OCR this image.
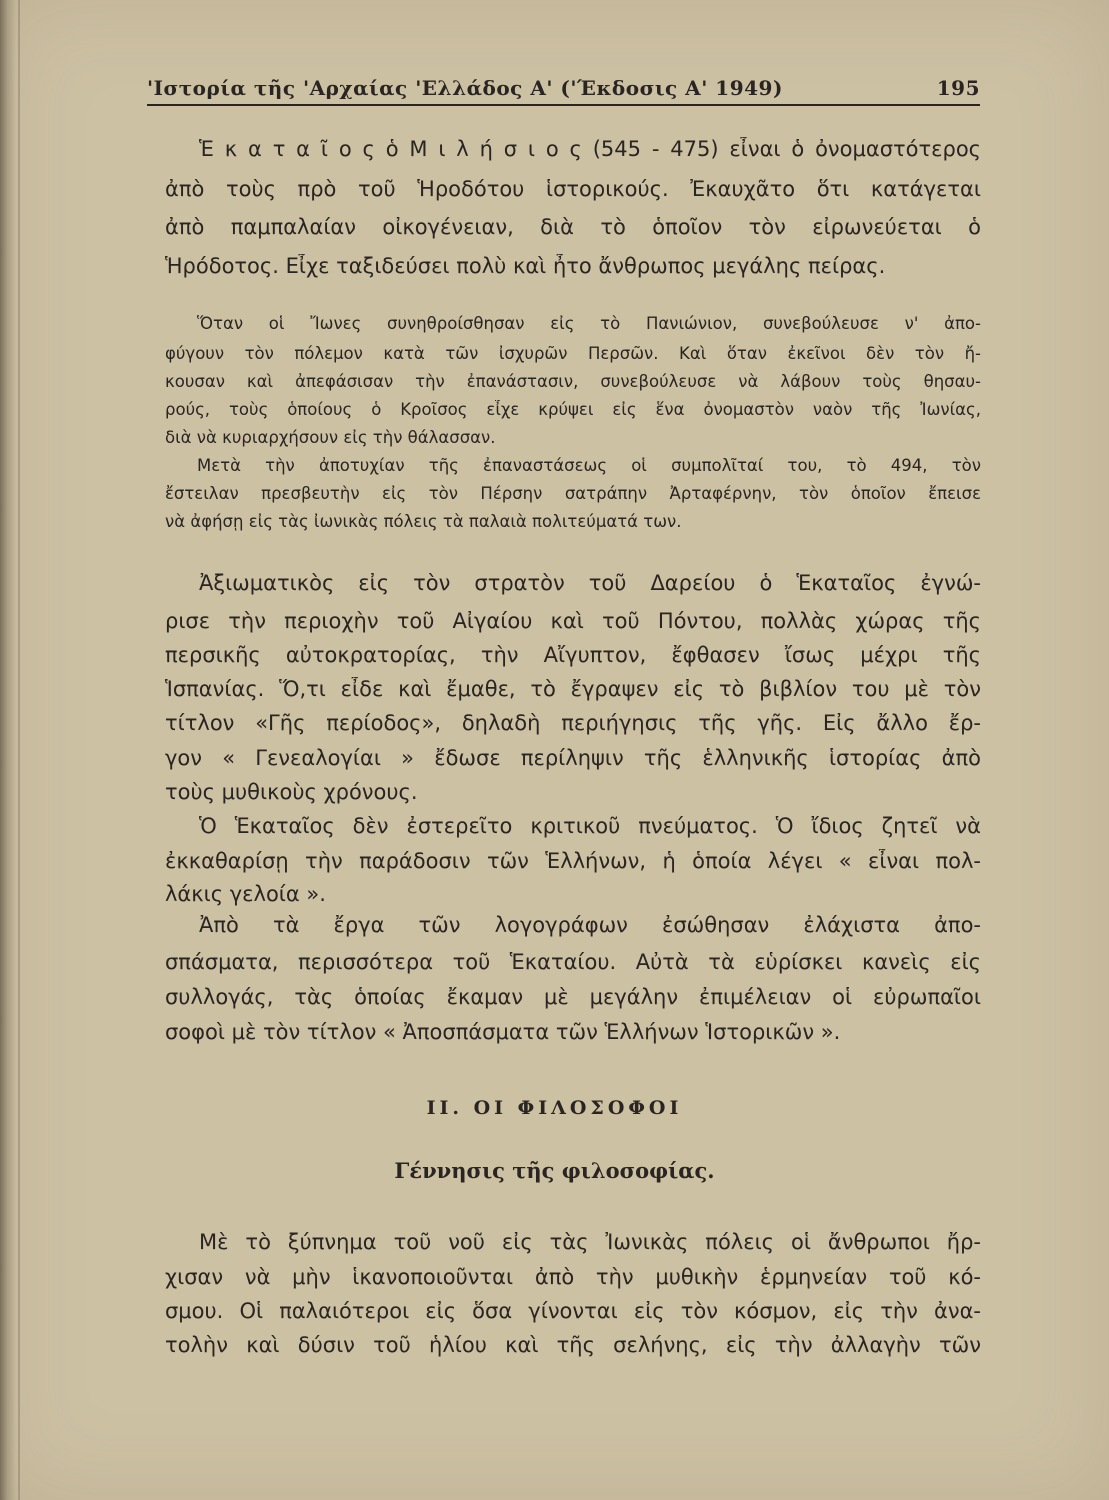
'Ιστορία τῆς 'Αρχαίας 'Ελλάδος Α' ('Έκδοσις Α' 1949)	195
Ἑ κ α τ α ῖ ο ς ὁ Μ ι λ ή σ ι ο ς (545 - 475) εἶναι ὁ ὀνομαστότερος
ἀπὸ τοὺς πρὸ τοῦ Ἡροδότου ἱστορικούς. Ἐκαυχᾶτο ὅτι κατάγεται
ἀπὸ παμπαλαίαν οἰκογένειαν, διὰ τὸ ὁποῖον τὸν εἰρωνεύεται ὁ
Ἡρόδοτος. Εἶχε ταξιδεύσει πολὺ καὶ ἦτο ἄνθρωπος μεγάλης πείρας.
Ὅταν οἱ Ἴωνες συνηθροίσθησαν εἰς τὸ Πανιώνιον, συνεβούλευσε ν' ἀπο-
φύγουν τὸν πόλεμον κατὰ τῶν ἰσχυρῶν Περσῶν. Καὶ ὅταν ἐκεῖνοι δὲν τὸν ἤ-
κουσαν καὶ ἀπεφάσισαν τὴν ἐπανάστασιν, συνεβούλευσε νὰ λάβουν τοὺς θησαυ-
ρούς, τοὺς ὁποίους ὁ Κροῖσος εἶχε κρύψει εἰς ἕνα ὀνομαστὸν ναὸν τῆς Ἰωνίας,
διὰ νὰ κυριαρχήσουν εἰς τὴν θάλασσαν.
Μετὰ τὴν ἀποτυχίαν τῆς ἐπαναστάσεως οἱ συμπολῖταί του, τὸ 494, τὸν
ἔστειλαν πρεσβευτὴν εἰς τὸν Πέρσην σατράπην Ἀρταφέρνην, τὸν ὁποῖον ἔπεισε
νὰ ἀφήσῃ εἰς τὰς ἰωνικὰς πόλεις τὰ παλαιὰ πολιτεύματά των.
Ἀξιωματικὸς εἰς τὸν στρατὸν τοῦ Δαρείου ὁ Ἑκαταῖος ἐγνώ-
ρισε τὴν περιοχὴν τοῦ Αἰγαίου καὶ τοῦ Πόντου, πολλὰς χώρας τῆς
περσικῆς αὐτοκρατορίας, τὴν Αἴγυπτον, ἔφθασεν ἴσως μέχρι τῆς
Ἱσπανίας. Ὅ,τι εἶδε καὶ ἔμαθε, τὸ ἔγραψεν εἰς τὸ βιβλίον του μὲ τὸν
τίτλον «Γῆς περίοδος», δηλαδὴ περιήγησις τῆς γῆς. Εἰς ἄλλο ἔρ-
γον « Γενεαλογίαι » ἔδωσε περίληψιν τῆς ἑλληνικῆς ἱστορίας ἀπὸ
τοὺς μυθικοὺς χρόνους.
Ὁ Ἑκαταῖος δὲν ἐστερεῖτο κριτικοῦ πνεύματος. Ὁ ἴδιος ζητεῖ νὰ
ἐκκαθαρίσῃ τὴν παράδοσιν τῶν Ἑλλήνων, ἡ ὁποία λέγει « εἶναι πολ-
λάκις γελοία ».
Ἀπὸ τὰ ἔργα τῶν λογογράφων ἐσώθησαν ἐλάχιστα ἀπο-
σπάσματα, περισσότερα τοῦ Ἑκαταίου. Αὐτὰ τὰ εὑρίσκει κανεὶς εἰς
συλλογάς, τὰς ὁποίας ἔκαμαν μὲ μεγάλην ἐπιμέλειαν οἱ εὐρωπαῖοι
σοφοὶ μὲ τὸν τίτλον « Ἀποσπάσματα τῶν Ἑλλήνων Ἱστορικῶν ».
II. ΟΙ ΦΙΛΟΣΟΦΟΙ
Γέννησις τῆς φιλοσοφίας.
Μὲ τὸ ξύπνημα τοῦ νοῦ εἰς τὰς Ἰωνικὰς πόλεις οἱ ἄνθρωποι ἤρ-
χισαν νὰ μὴν ἱκανοποιοῦνται ἀπὸ τὴν μυθικὴν ἑρμηνείαν τοῦ κό-
σμου. Οἱ παλαιότεροι εἰς ὅσα γίνονται εἰς τὸν κόσμον, εἰς τὴν ἀνα-
τολὴν καὶ δύσιν τοῦ ἡλίου καὶ τῆς σελήνης, εἰς τὴν ἀλλαγὴν τῶν
